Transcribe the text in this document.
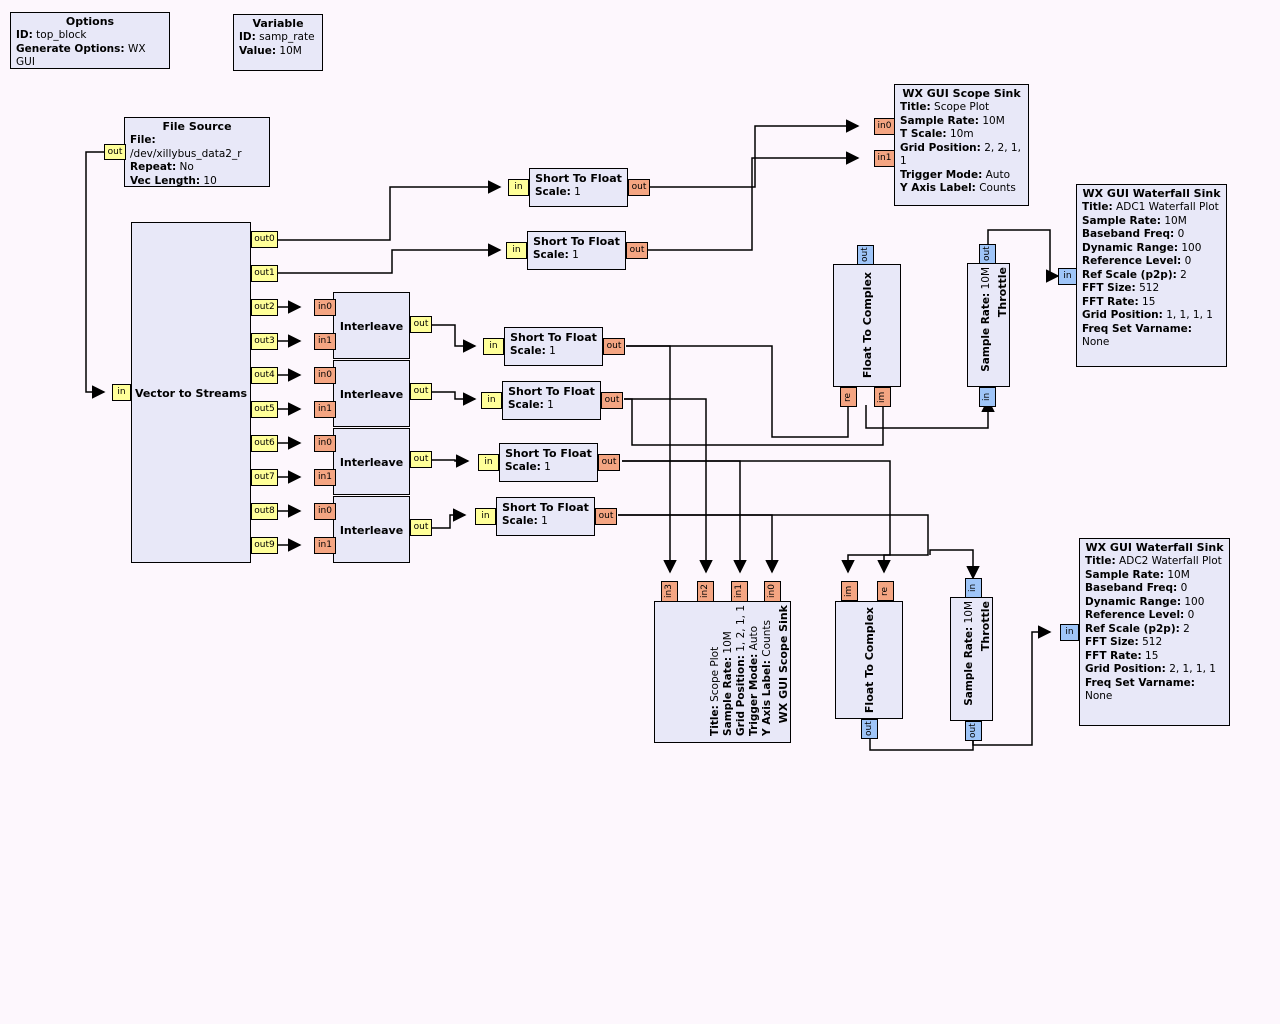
Options
ID: top_block
Generate Options: WX GUI
Variable
ID: samp_rate
Value: 10M
File Source
File: /dev/xillybus_data2_r
Repeat: No
Vec Length: 10
out
Vector to Streams
in
out0
out1
out2
out3
out4
out5
out6
out7
out8
out9
Interleave
in0
in1
out
Interleave
in0
in1
out
Interleave
in0
in1
out
Interleave
in0
in1
out
Short To Float
Scale: 1
in	out
Short To Float
Scale: 1
in	out
Short To Float
Scale: 1
in	out
Short To Float
Scale: 1
in	out
Short To Float
Scale: 1
in	out
Short To Float
Scale: 1
in	out
WX GUI Scope Sink
Title: Scope Plot
Sample Rate: 10M
T Scale: 10m
Grid Position: 2, 2, 1, 1
Trigger Mode: Auto
Y Axis Label: Counts
in0
in1
WX GUI Scope Sink
Title: Scope Plot Sample Rate: 10M
Grid Position: 1, 2, 1, 1
Trigger Mode: Auto
Y Axis Label: Counts
in3	in2	in1	in0
Float To Complex
re	im
out
Float To Complex
im	re
out
Throttle
Sample Rate: 10M
out
in
Throttle
Sample Rate: 10M
in
out
WX GUI Waterfall Sink
Title: ADC1 Waterfall Plot
Sample Rate: 10M
Baseband Freq: 0
Dynamic Range: 100
Reference Level: 0
Ref Scale (p2p): 2
FFT Size: 512
FFT Rate: 15
Grid Position: 1, 1, 1, 1
Freq Set Varname: None
in
WX GUI Waterfall Sink
Title: ADC2 Waterfall Plot
Sample Rate: 10M
Baseband Freq: 0
Dynamic Range: 100
Reference Level: 0
Ref Scale (p2p): 2
FFT Size: 512
FFT Rate: 15
Grid Position: 2, 1, 1, 1
Freq Set Varname: None
in
